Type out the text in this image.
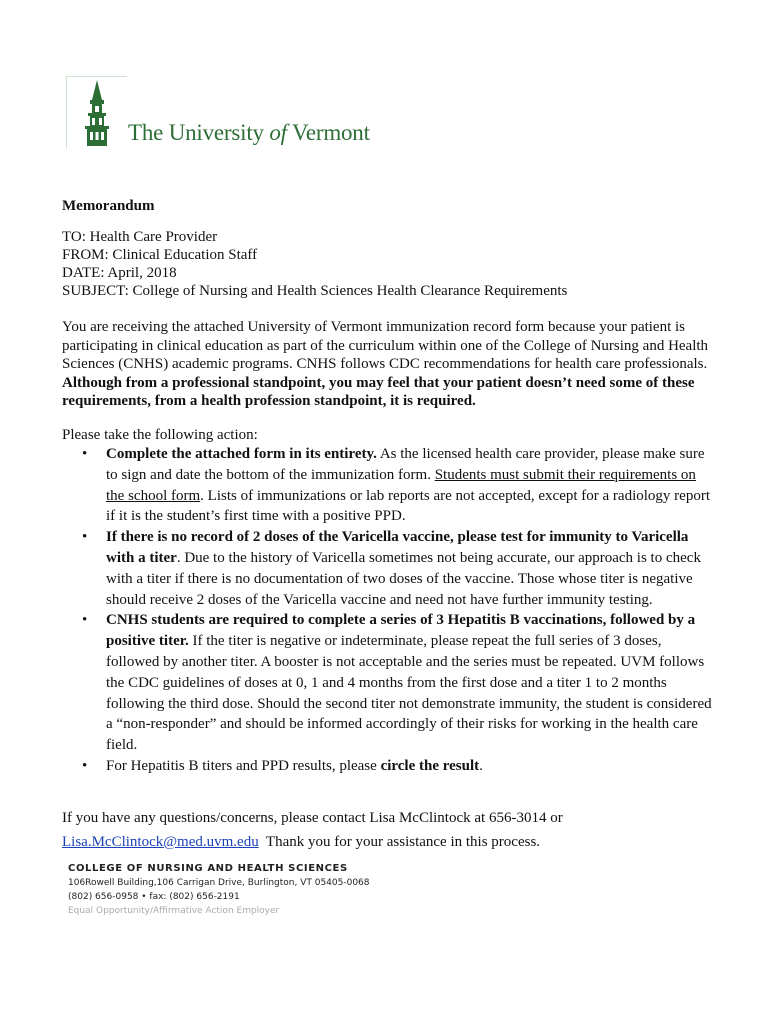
The University of Vermont
Memorandum
TO: Health Care Provider
FROM: Clinical Education Staff
DATE: April, 2018
SUBJECT: College of Nursing and Health Sciences Health Clearance Requirements
You are receiving the attached University of Vermont immunization record form because your patient is participating in clinical education as part of the curriculum within one of the College of Nursing and Health Sciences (CNHS) academic programs. CNHS follows CDC recommendations for health care professionals. Although from a professional standpoint, you may feel that your patient doesn’t need some of these requirements, from a health profession standpoint, it is required.
Please take the following action:
• Complete the attached form in its entirety. As the licensed health care provider, please make sure to sign and date the bottom of the immunization form. Students must submit their requirements on the school form. Lists of immunizations or lab reports are not accepted, except for a radiology report if it is the student’s first time with a positive PPD.
• If there is no record of 2 doses of the Varicella vaccine, please test for immunity to Varicella with a titer. Due to the history of Varicella sometimes not being accurate, our approach is to check with a titer if there is no documentation of two doses of the vaccine. Those whose titer is negative should receive 2 doses of the Varicella vaccine and need not have further immunity testing.
• CNHS students are required to complete a series of 3 Hepatitis B vaccinations, followed by a positive titer. If the titer is negative or indeterminate, please repeat the full series of 3 doses, followed by another titer. A booster is not acceptable and the series must be repeated. UVM follows the CDC guidelines of doses at 0, 1 and 4 months from the first dose and a titer 1 to 2 months following the third dose. Should the second titer not demonstrate immunity, the student is considered a “non-responder” and should be informed accordingly of their risks for working in the health care field.
• For Hepatitis B titers and PPD results, please circle the result.
If you have any questions/concerns, please contact Lisa McClintock at 656-3014 or
Lisa.McClintock@med.uvm.edu  Thank you for your assistance in this process.
COLLEGE OF NURSING AND HEALTH SCIENCES
106Rowell Building,106 Carrigan Drive, Burlington, VT 05405-0068
(802) 656-0958 • fax: (802) 656-2191
Equal Opportunity/Affirmative Action Employer
